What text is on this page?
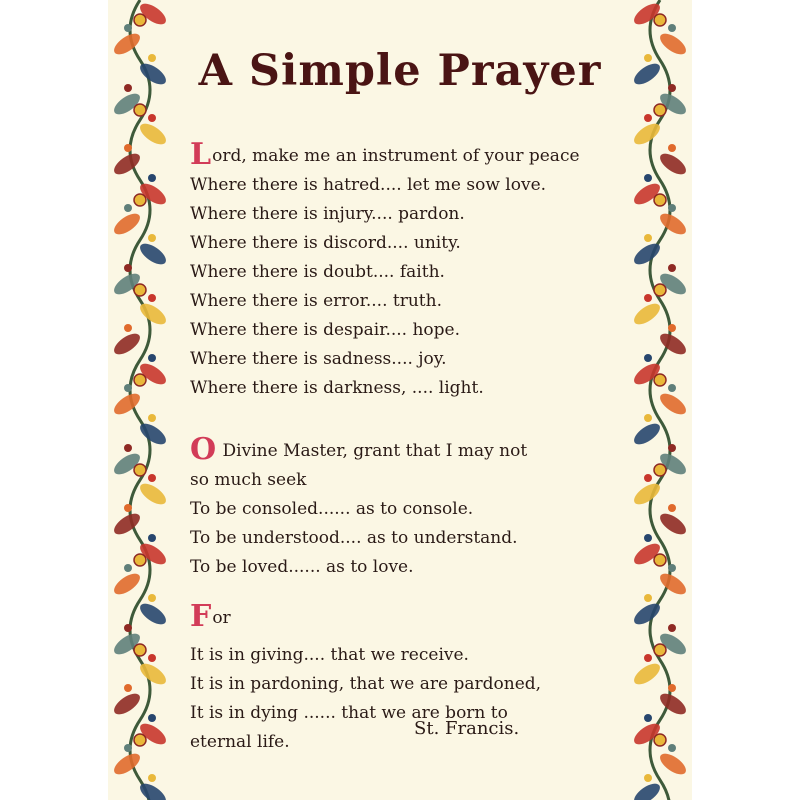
A Simple Prayer
Lord, make me an instrument of your peace
Where there is hatred.... let me sow love.
Where there is injury.... pardon.
Where there is discord.... unity.
Where there is doubt.... faith.
Where there is error.... truth.
Where there is despair.... hope.
Where there is sadness.... joy.
Where there is darkness, .... light.
O Divine Master, grant that I may not
so much seek
To be consoled...... as to console.
To be understood.... as to understand.
To be loved...... as to love.
For
It is in giving.... that we receive.
It is in pardoning, that we are pardoned,
It is in dying ...... that we are born to
eternal life.
St. Francis.
